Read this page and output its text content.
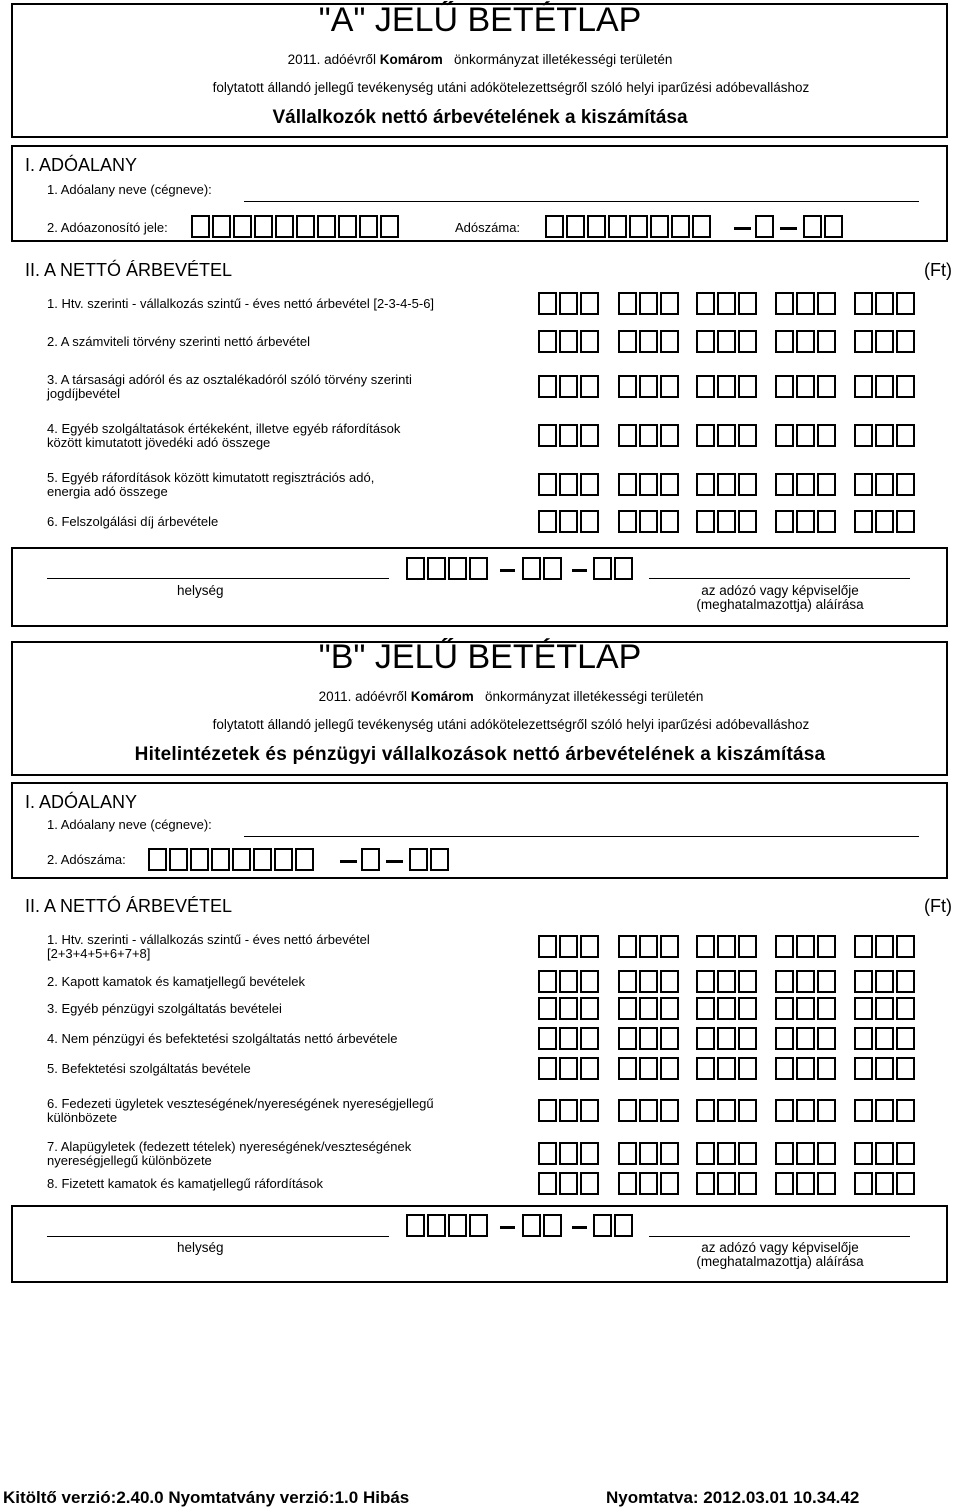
"A" JELŰ BETÉTLAP
2011. adóévről Komárom önkormányzat illetékességi területén
folytatott állandó jellegű tevékenység utáni adókötelezettségről szóló helyi iparűzési adóbevalláshoz
Vállalkozók nettó árbevételének a kiszámítása
I. ADÓALANY
1. Adóalany neve (cégneve):
2. Adóazonosító jele:	Adószáma:
II. A NETTÓ ÁRBEVÉTEL	(Ft)
1. Htv. szerinti - vállalkozás szintű - éves nettó árbevétel [2-3-4-5-6]
2. A számviteli törvény szerinti nettó árbevétel
3. A társasági adóról és az osztalékadóról szóló törvény szerinti
jogdíjbevétel
4. Egyéb szolgáltatások értékeként, illetve egyéb ráfordítások
között kimutatott jövedéki adó összege
5. Egyéb ráfordítások között kimutatott regisztrációs adó,
energia adó összege
6. Felszolgálási díj árbevétele
helység	az adózó vagy képviselője
(meghatalmazottja) aláírása
"B" JELŰ BETÉTLAP
2011. adóévről Komárom önkormányzat illetékességi területén
folytatott állandó jellegű tevékenység utáni adókötelezettségről szóló helyi iparűzési adóbevalláshoz
Hitelintézetek és pénzügyi vállalkozások nettó árbevételének a kiszámítása
I. ADÓALANY
1. Adóalany neve (cégneve):
2. Adószáma:
II. A NETTÓ ÁRBEVÉTEL	(Ft)
1. Htv. szerinti - vállalkozás szintű - éves nettó árbevétel
[2+3+4+5+6+7+8]
2. Kapott kamatok és kamatjellegű bevételek
3. Egyéb pénzügyi szolgáltatás bevételei
4. Nem pénzügyi és befektetési szolgáltatás nettó árbevétele
5. Befektetési szolgáltatás bevétele
6. Fedezeti ügyletek veszteségének/nyereségének nyereségjellegű
különbözete
7. Alapügyletek (fedezett tételek) nyereségének/veszteségének
nyereségjellegű különbözete
8. Fizetett kamatok és kamatjellegű ráfordítások
helység	az adózó vagy képviselője
(meghatalmazottja) aláírása
Kitöltő verzió:2.40.0 Nyomtatvány verzió:1.0 Hibás	Nyomtatva: 2012.03.01 10.34.42
